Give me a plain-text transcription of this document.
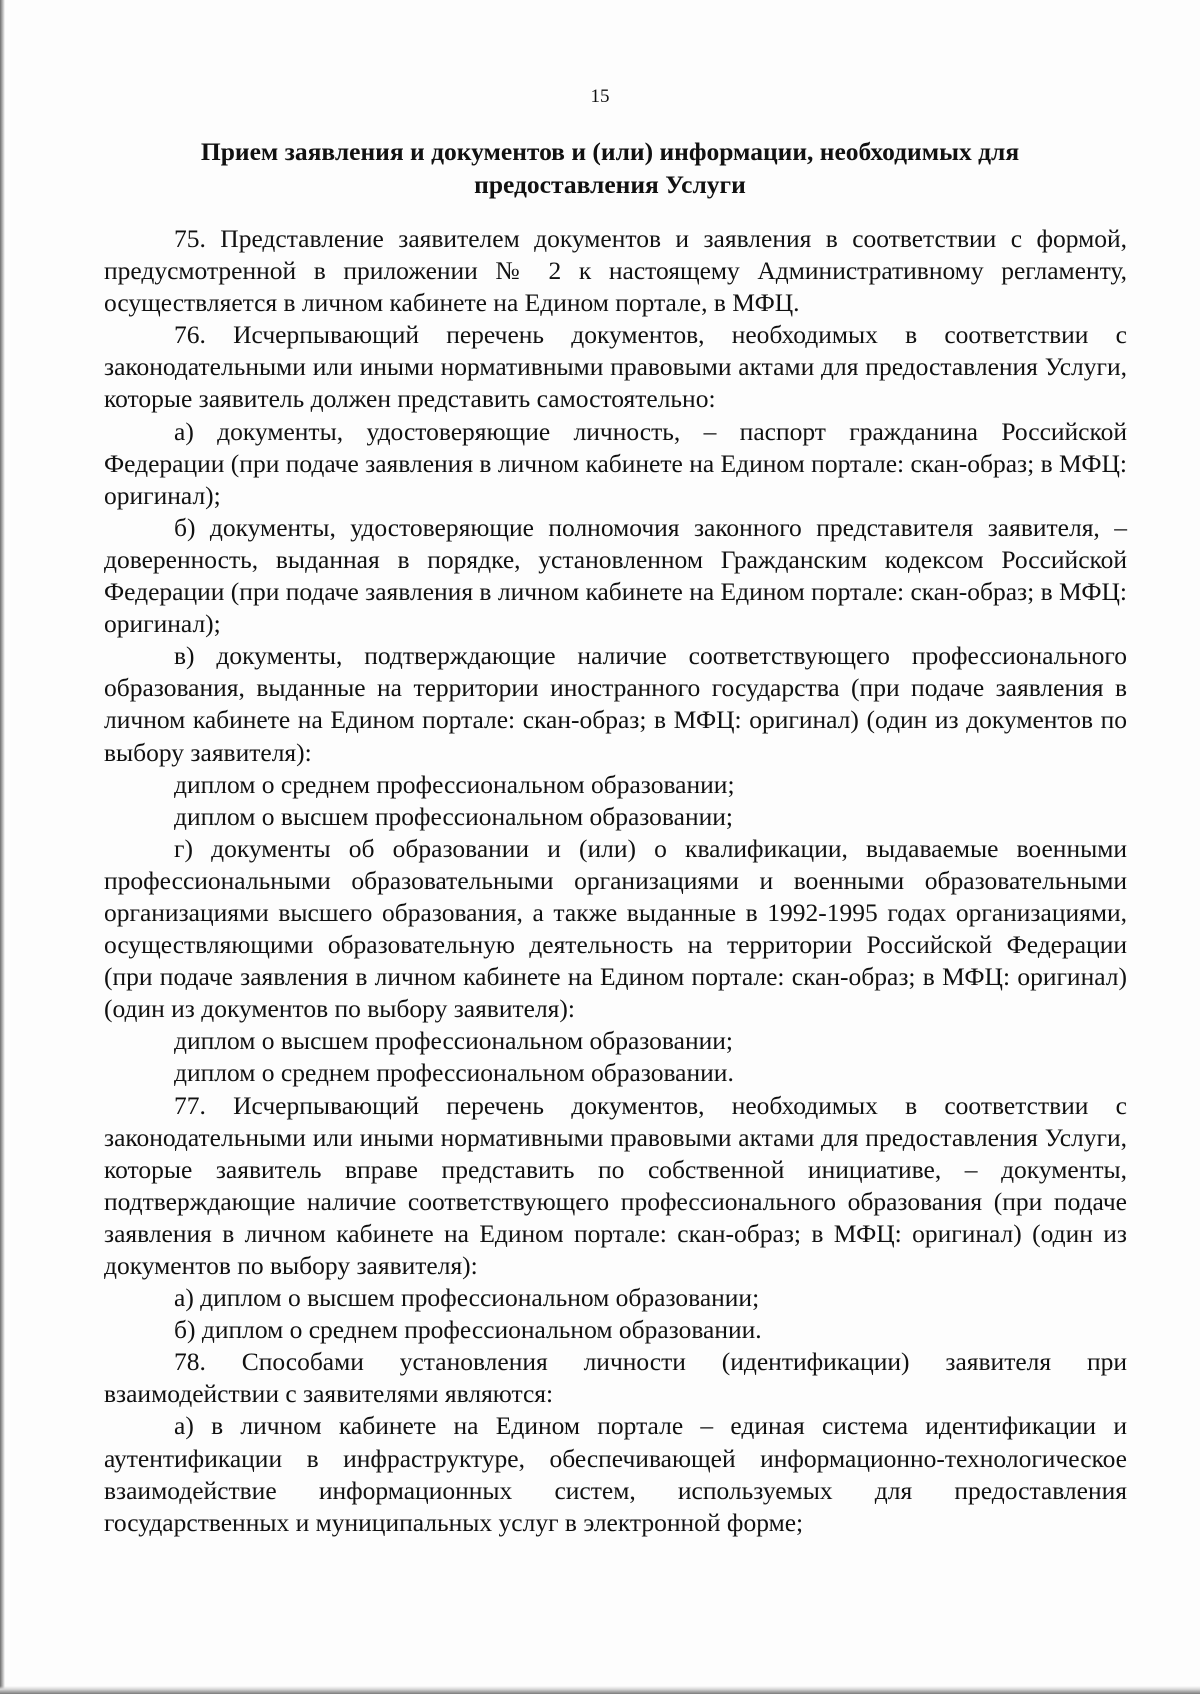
15
Прием заявления и документов и (или) информации, необходимых для предоставления Услуги

75. Представление заявителем документов и заявления в соответствии с формой, предусмотренной в приложении № 2 к настоящему Административному регламенту, осуществляется в личном кабинете на Едином портале, в МФЦ.

76. Исчерпывающий перечень документов, необходимых в соответствии с законодательными или иными нормативными правовыми актами для предоставления Услуги, которые заявитель должен представить самостоятельно:

а) документы, удостоверяющие личность, – паспорт гражданина Российской Федерации (при подаче заявления в личном кабинете на Едином портале: скан-образ; в МФЦ: оригинал);

б) документы, удостоверяющие полномочия законного представителя заявителя, – доверенность, выданная в порядке, установленном Гражданским кодексом Российской Федерации (при подаче заявления в личном кабинете на Едином портале: скан-образ; в МФЦ: оригинал);

в) документы, подтверждающие наличие соответствующего профессионального образования, выданные на территории иностранного государства (при подаче заявления в личном кабинете на Едином портале: скан-образ; в МФЦ: оригинал) (один из документов по выбору заявителя):

диплом о среднем профессиональном образовании;

диплом о высшем профессиональном образовании;

г) документы об образовании и (или) о квалификации, выдаваемые военными профессиональными образовательными организациями и военными образовательными организациями высшего образования, а также выданные в 1992-1995 годах организациями, осуществляющими образовательную деятельность на территории Российской Федерации (при подаче заявления в личном кабинете на Едином портале: скан-образ; в МФЦ: оригинал) (один из документов по выбору заявителя):

диплом о высшем профессиональном образовании;

диплом о среднем профессиональном образовании.

77. Исчерпывающий перечень документов, необходимых в соответствии с законодательными или иными нормативными правовыми актами для предоставления Услуги, которые заявитель вправе представить по собственной инициативе, – документы, подтверждающие наличие соответствующего профессионального образования (при подаче заявления в личном кабинете на Едином портале: скан-образ; в МФЦ: оригинал) (один из документов по выбору заявителя):

а) диплом о высшем профессиональном образовании;

б) диплом о среднем профессиональном образовании.

78. Способами установления личности (идентификации) заявителя при взаимодействии с заявителями являются:

а) в личном кабинете на Едином портале – единая система идентификации и аутентификации в инфраструктуре, обеспечивающей информационно-технологическое взаимодействие информационных систем, используемых для предоставления государственных и муниципальных услуг в электронной форме;
